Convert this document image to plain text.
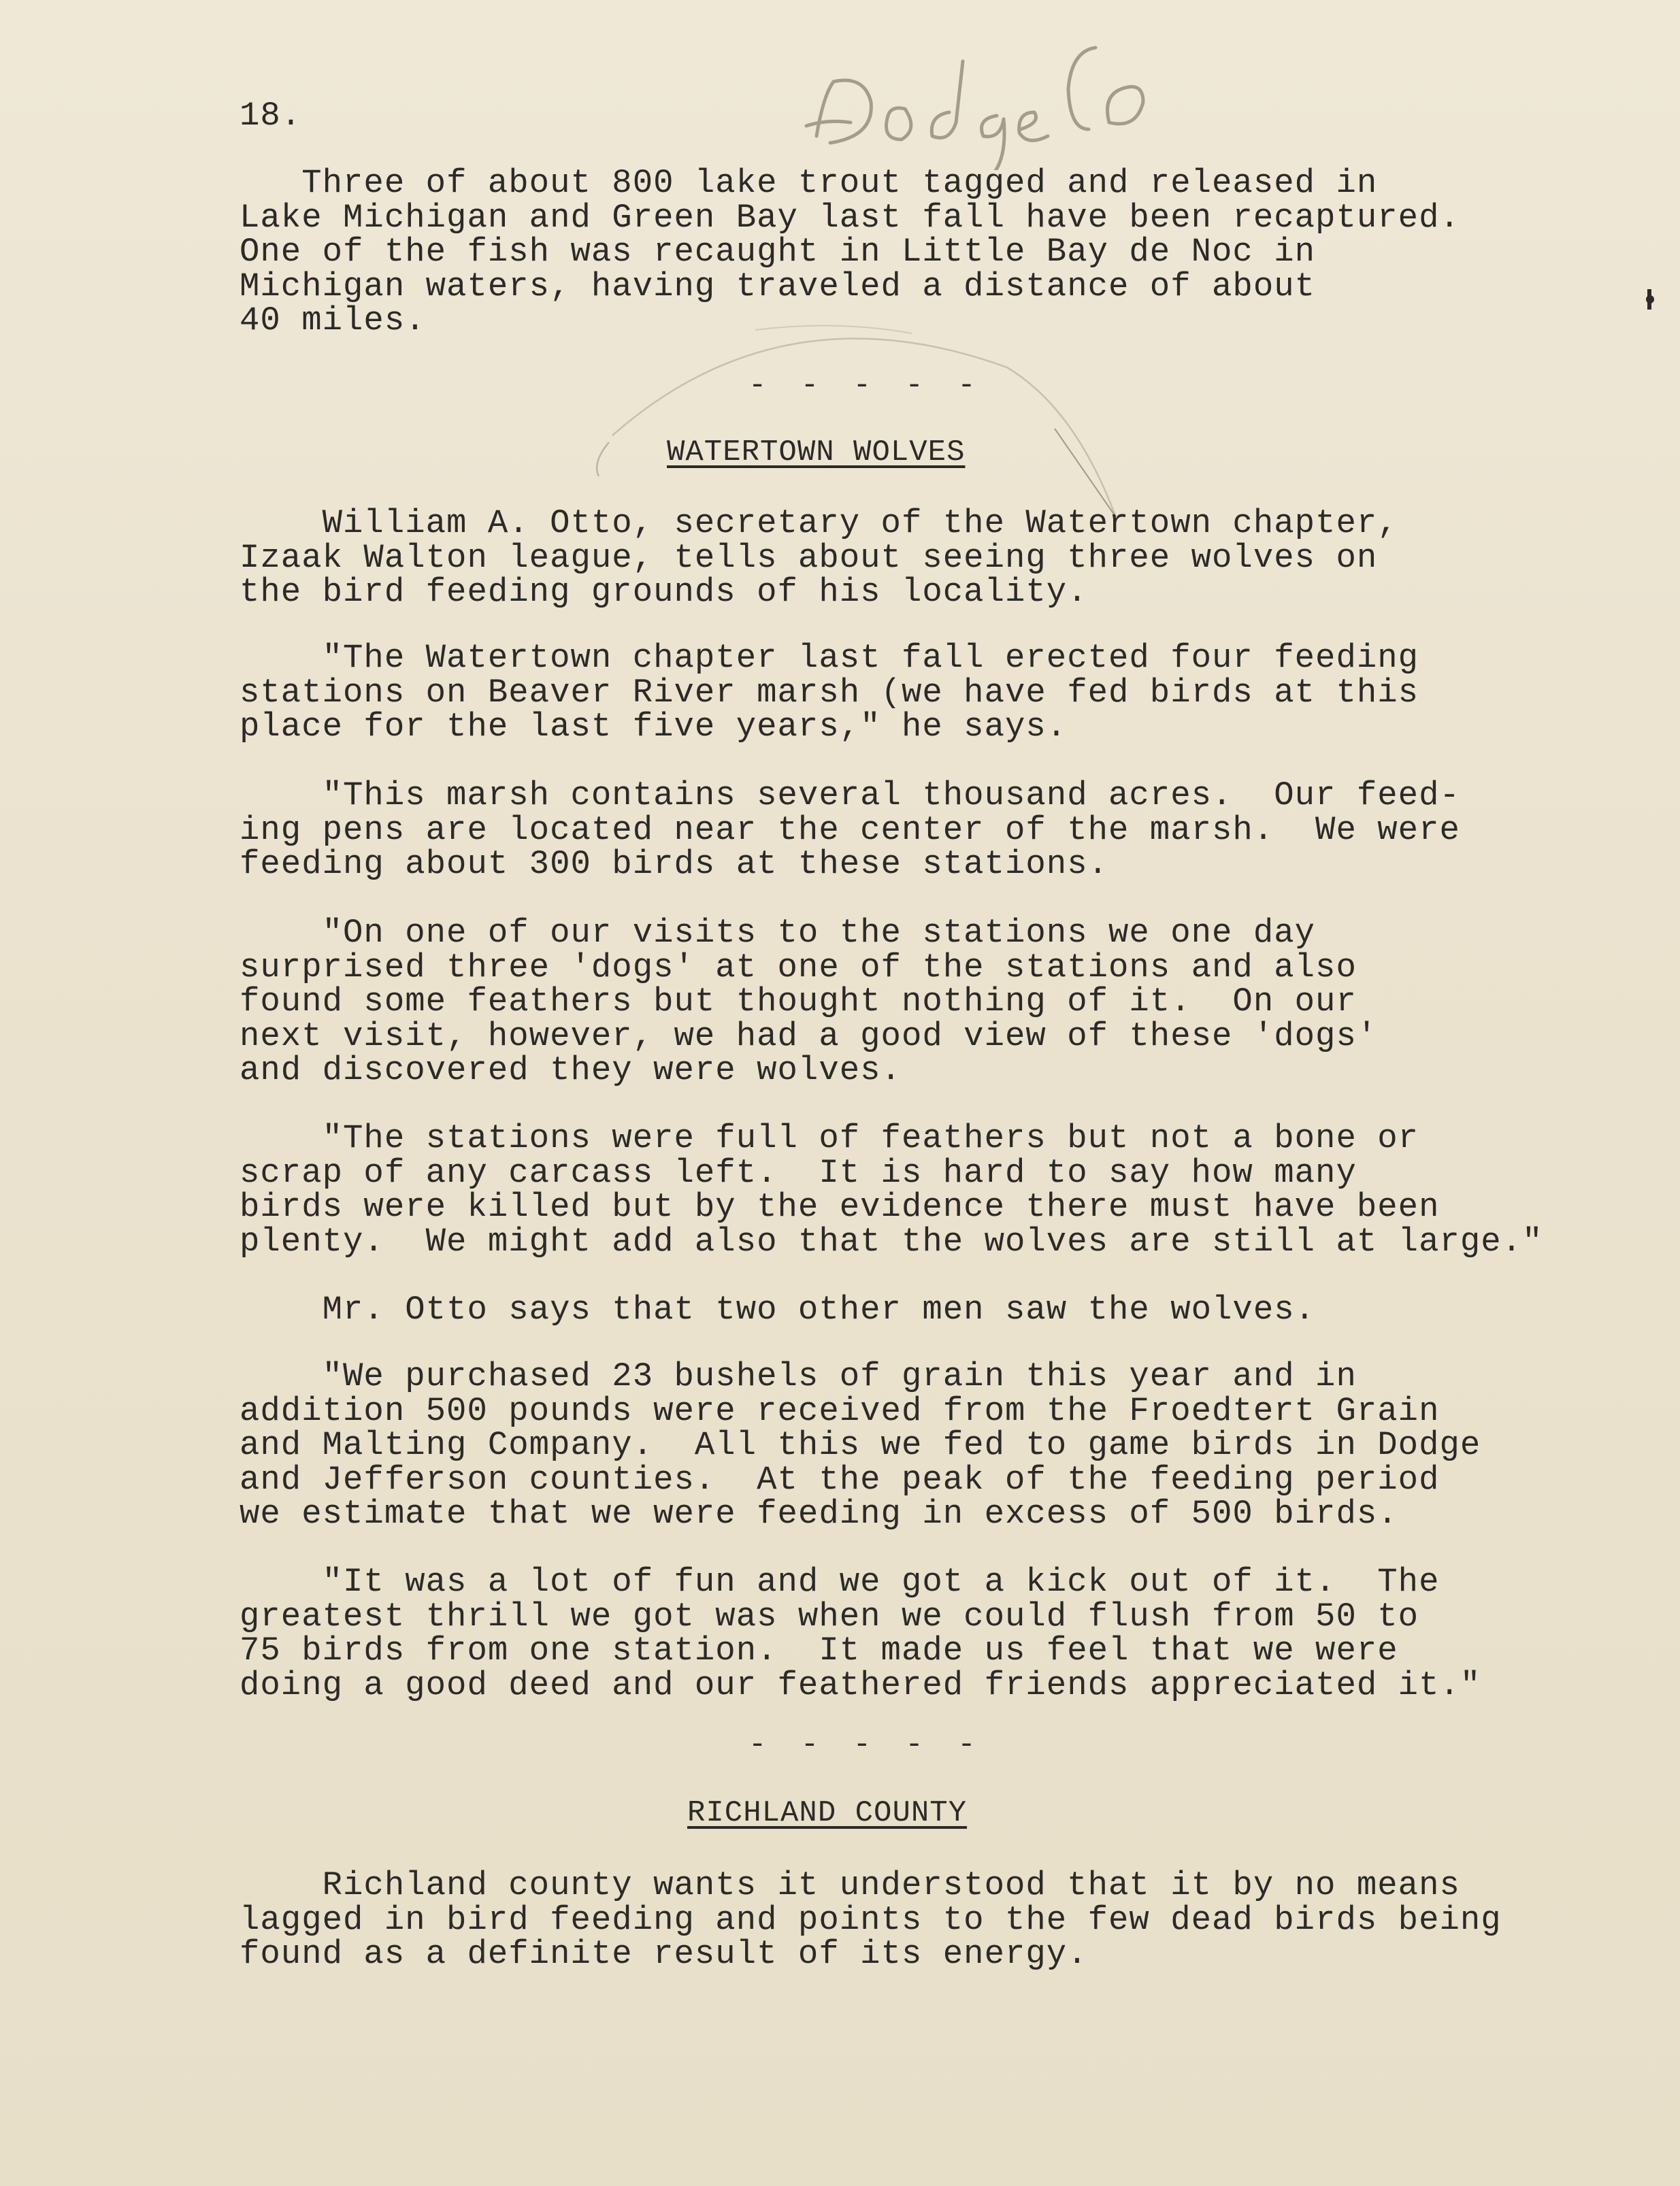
18.
Three of about 800 lake trout tagged and released in
Lake Michigan and Green Bay last fall have been recaptured.
One of the fish was recaught in Little Bay de Noc in
Michigan waters, having traveled a distance of about
40 miles.
- - - - -
WATERTOWN WOLVES
William A. Otto, secretary of the Watertown chapter,
Izaak Walton league, tells about seeing three wolves on
the bird feeding grounds of his locality.
"The Watertown chapter last fall erected four feeding
stations on Beaver River marsh (we have fed birds at this
place for the last five years," he says.
"This marsh contains several thousand acres.  Our feed-
ing pens are located near the center of the marsh.  We were
feeding about 300 birds at these stations.
"On one of our visits to the stations we one day
surprised three 'dogs' at one of the stations and also
found some feathers but thought nothing of it.  On our
next visit, however, we had a good view of these 'dogs'
and discovered they were wolves.
"The stations were full of feathers but not a bone or
scrap of any carcass left.  It is hard to say how many
birds were killed but by the evidence there must have been
plenty.  We might add also that the wolves are still at large."
Mr. Otto says that two other men saw the wolves.
"We purchased 23 bushels of grain this year and in
addition 500 pounds were received from the Froedtert Grain
and Malting Company.  All this we fed to game birds in Dodge
and Jefferson counties.  At the peak of the feeding period
we estimate that we were feeding in excess of 500 birds.
"It was a lot of fun and we got a kick out of it.  The
greatest thrill we got was when we could flush from 50 to
75 birds from one station.  It made us feel that we were
doing a good deed and our feathered friends appreciated it."
- - - - -
RICHLAND COUNTY
Richland county wants it understood that it by no means
lagged in bird feeding and points to the few dead birds being
found as a definite result of its energy.
